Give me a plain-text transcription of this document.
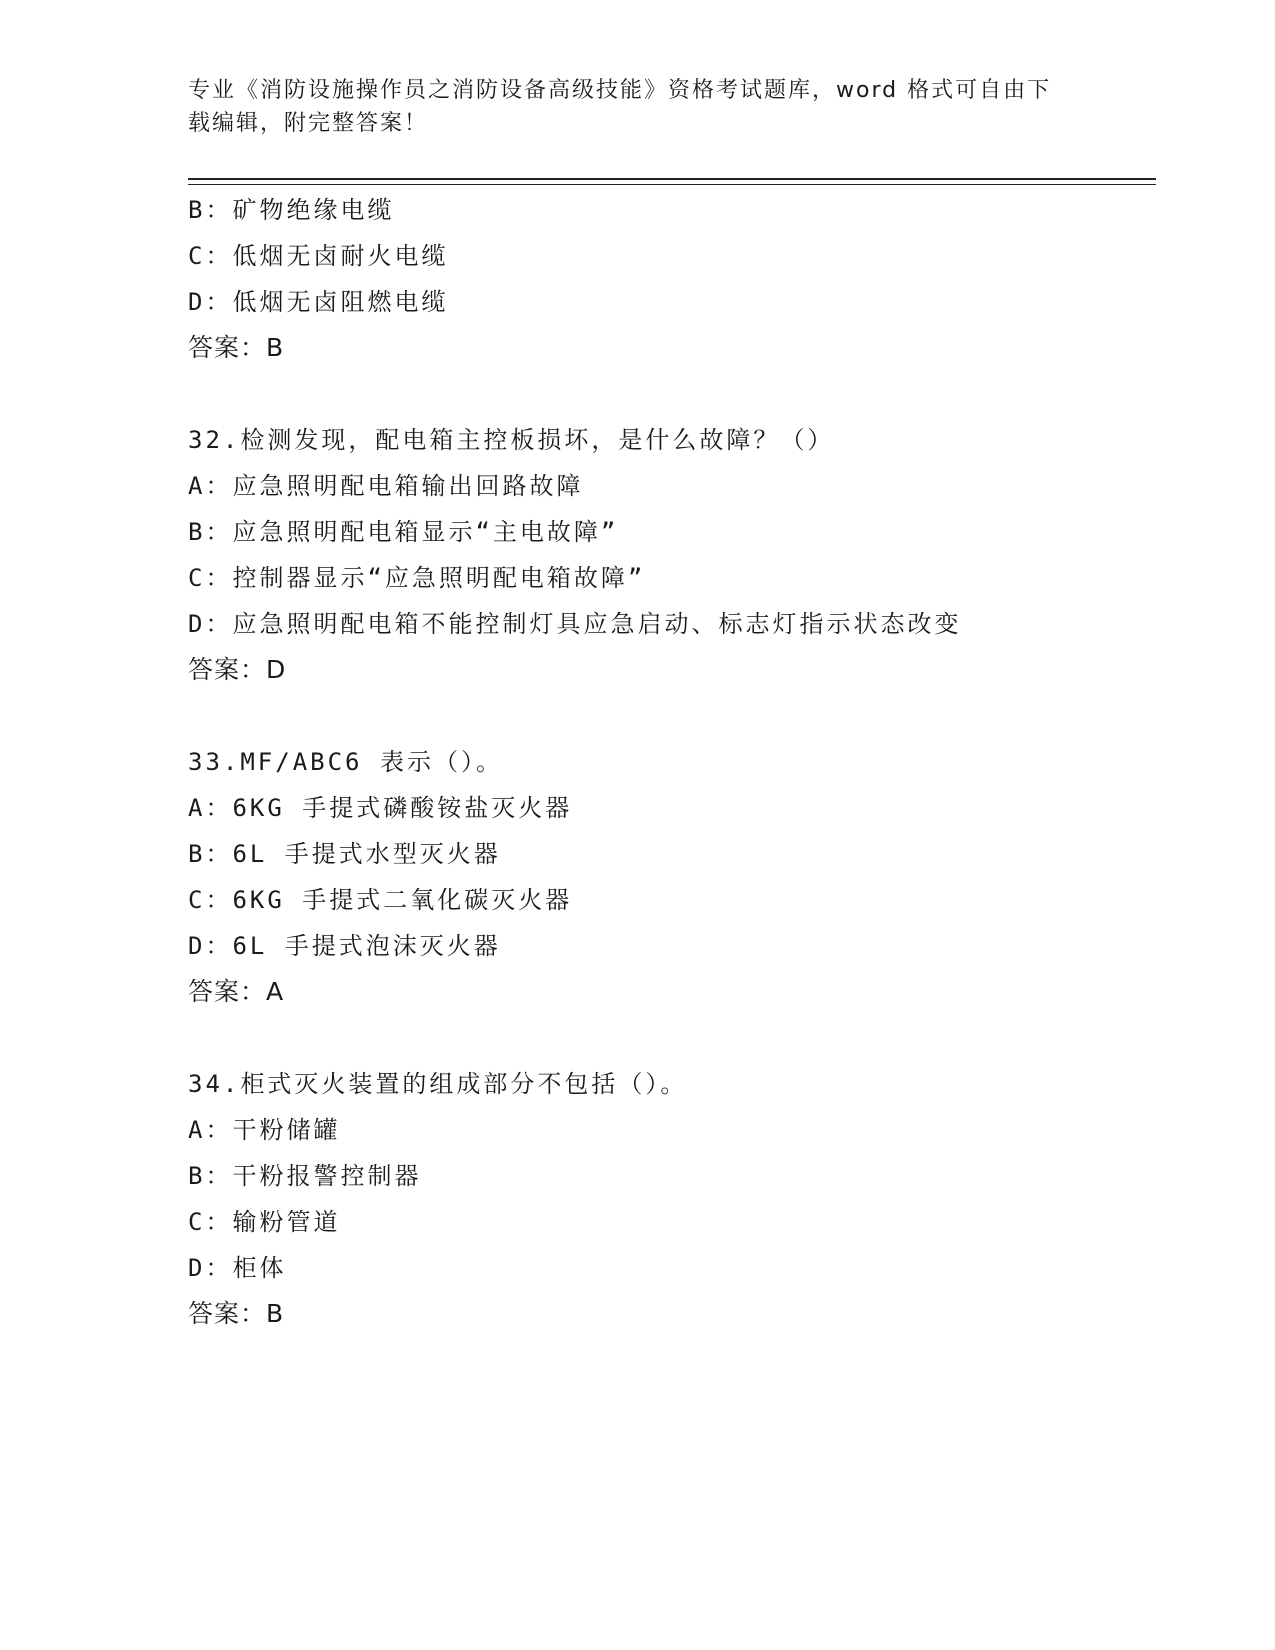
专业《消防设施操作员之消防设备高级技能》资格考试题库，word 格式可自由下
载编辑，附完整答案！
B：矿物绝缘电缆
C：低烟无卤耐火电缆
D：低烟无卤阻燃电缆
答案：B
32.检测发现，配电箱主控板损坏，是什么故障？（）
A：应急照明配电箱输出回路故障
B：应急照明配电箱显示“主电故障”
C：控制器显示“应急照明配电箱故障”
D：应急照明配电箱不能控制灯具应急启动、标志灯指示状态改变
答案：D
33.MF/ABC6 表示（）。
A：6KG 手提式磷酸铵盐灭火器
B：6L 手提式水型灭火器
C：6KG 手提式二氧化碳灭火器
D：6L 手提式泡沫灭火器
答案：A
34.柜式灭火装置的组成部分不包括（）。
A：干粉储罐
B：干粉报警控制器
C：输粉管道
D：柜体
答案：B
